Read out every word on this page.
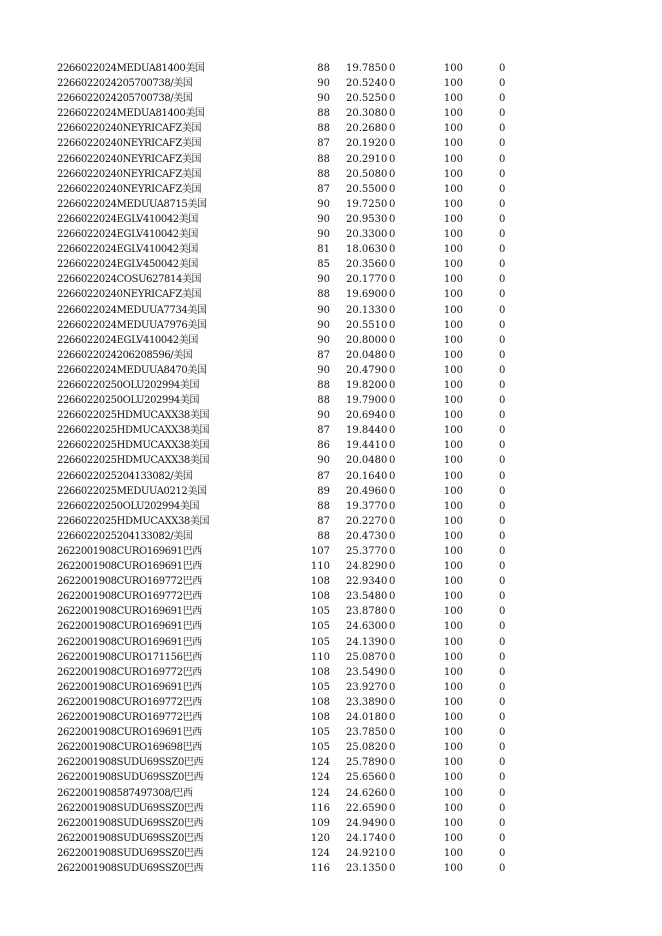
2266022024MEDUA81400美国	88 19.7850 0	100	0
2266022024205700738/美国	90 20.5240 0	100	0
2266022024205700738/美国	90 20.5250 0	100	0
2266022024MEDUA81400美国	88 20.3080 0	100	0
22660220240NEYRICAFZ美国	88 20.2680 0	100	0
22660220240NEYRICAFZ美国	87 20.1920 0	100	0
22660220240NEYRICAFZ美国	88 20.2910 0	100	0
22660220240NEYRICAFZ美国	88 20.5080 0	100	0
22660220240NEYRICAFZ美国	87 20.5500 0	100	0
2266022024MEDUUA8715美国	90 19.7250 0	100	0
2266022024EGLV410042美国	90 20.9530 0	100	0
2266022024EGLV410042美国	90 20.3300 0	100	0
2266022024EGLV410042美国	81 18.0630 0	100	0
2266022024EGLV450042美国	85 20.3560 0	100	0
2266022024COSU627814美国	90 20.1770 0	100	0
22660220240NEYRICAFZ美国	88 19.6900 0	100	0
2266022024MEDUUA7734美国	90 20.1330 0	100	0
2266022024MEDUUA7976美国	90 20.5510 0	100	0
2266022024EGLV410042美国	90 20.8000 0	100	0
2266022024206208596/美国	87 20.0480 0	100	0
2266022024MEDUUA8470美国	90 20.4790 0	100	0
22660220250OLU202994美国	88 19.8200 0	100	0
22660220250OLU202994美国	88 19.7900 0	100	0
2266022025HDMUCAXX38美国	90 20.6940 0	100	0
2266022025HDMUCAXX38美国	87 19.8440 0	100	0
2266022025HDMUCAXX38美国	86 19.4410 0	100	0
2266022025HDMUCAXX38美国	90 20.0480 0	100	0
2266022025204133082/美国	87 20.1640 0	100	0
2266022025MEDUUA0212美国	89 20.4960 0	100	0
22660220250OLU202994美国	88 19.3770 0	100	0
2266022025HDMUCAXX38美国	87 20.2270 0	100	0
2266022025204133082/美国	88 20.4730 0	100	0
2622001908CURO169691巴西	107 25.3770 0	100	0
2622001908CURO169691巴西	110 24.8290 0	100	0
2622001908CURO169772巴西	108 22.9340 0	100	0
2622001908CURO169772巴西	108 23.5480 0	100	0
2622001908CURO169691巴西	105 23.8780 0	100	0
2622001908CURO169691巴西	105 24.6300 0	100	0
2622001908CURO169691巴西	105 24.1390 0	100	0
2622001908CURO171156巴西	110 25.0870 0	100	0
2622001908CURO169772巴西	108 23.5490 0	100	0
2622001908CURO169691巴西	105 23.9270 0	100	0
2622001908CURO169772巴西	108 23.3890 0	100	0
2622001908CURO169772巴西	108 24.0180 0	100	0
2622001908CURO169691巴西	105 23.7850 0	100	0
2622001908CURO169698巴西	105 25.0820 0	100	0
2622001908SUDU69SSZ0巴西	124 25.7890 0	100	0
2622001908SUDU69SSZ0巴西	124 25.6560 0	100	0
2622001908587497308/巴西	124 24.6260 0	100	0
2622001908SUDU69SSZ0巴西	116 22.6590 0	100	0
2622001908SUDU69SSZ0巴西	109 24.9490 0	100	0
2622001908SUDU69SSZ0巴西	120 24.1740 0	100	0
2622001908SUDU69SSZ0巴西	124 24.9210 0	100	0
2622001908SUDU69SSZ0巴西	116 23.1350 0	100	0
